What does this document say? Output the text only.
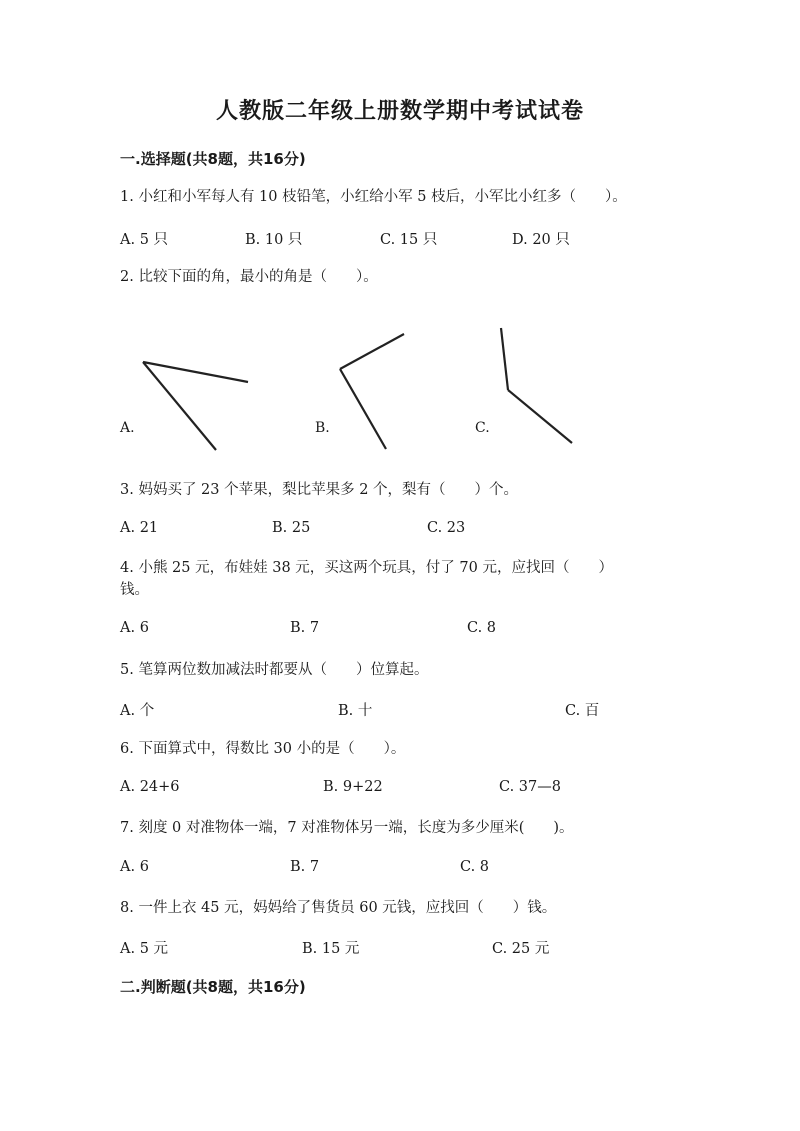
人教版二年级上册数学期中考试试卷
一.选择题(共8题，共16分)
1. 小红和小军每人有 10 枝铅笔，小红给小军 5 枝后，小军比小红多（　　）。
A. 5 只	B. 10 只	C. 15 只	D. 20 只
2. 比较下面的角，最小的角是（　　）。
A.	B.	C.
3. 妈妈买了 23 个苹果，梨比苹果多 2 个，梨有（　　）个。
A. 21	B. 25	C. 23
4. 小熊 25 元，布娃娃 38 元，买这两个玩具，付了 70 元，应找回（　　）
钱。
A. 6	B. 7	C. 8
5. 笔算两位数加减法时都要从（　　）位算起。
A. 个	B. 十	C. 百
6. 下面算式中，得数比 30 小的是（　　）。
A. 24+6	B. 9+22	C. 37—8
7. 刻度 0 对准物体一端，7 对准物体另一端，长度为多少厘米(　　)。
A. 6	B. 7	C. 8
8. 一件上衣 45 元，妈妈给了售货员 60 元钱，应找回（　　）钱。
A. 5 元	B. 15 元	C. 25 元
二.判断题(共8题，共16分)
